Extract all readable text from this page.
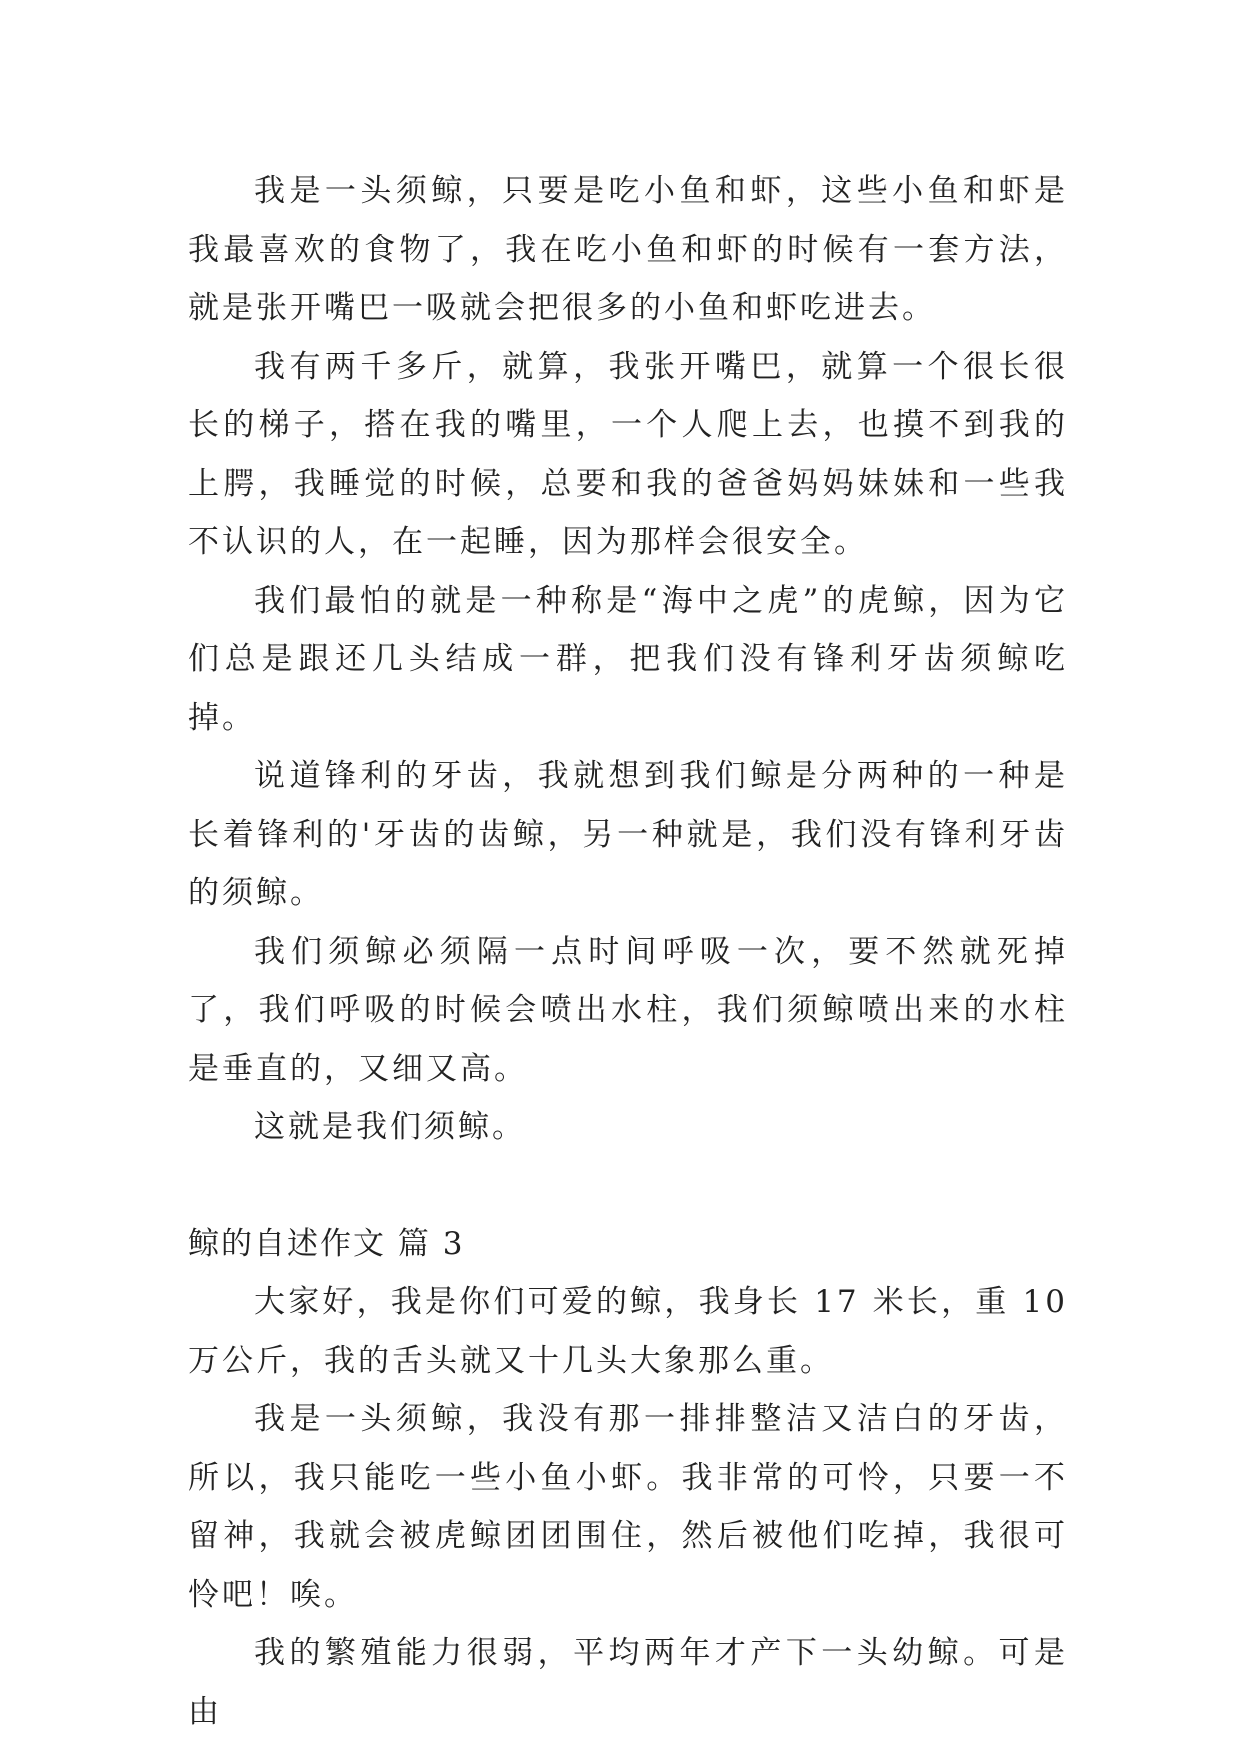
我是一头须鲸，只要是吃小鱼和虾，这些小鱼和虾是我最喜欢的食物了，我在吃小鱼和虾的时候有一套方法，就是张开嘴巴一吸就会把很多的小鱼和虾吃进去。

我有两千多斤，就算，我张开嘴巴，就算一个很长很长的梯子，搭在我的嘴里，一个人爬上去，也摸不到我的上腭，我睡觉的时候，总要和我的爸爸妈妈妹妹和一些我不认识的人，在一起睡，因为那样会很安全。

我们最怕的就是一种称是“海中之虎”的虎鲸，因为它们总是跟还几头结成一群，把我们没有锋利牙齿须鲸吃掉。

说道锋利的牙齿，我就想到我们鲸是分两种的一种是长着锋利的'牙齿的齿鲸，另一种就是，我们没有锋利牙齿的须鲸。

我们须鲸必须隔一点时间呼吸一次，要不然就死掉了，我们呼吸的时候会喷出水柱，我们须鲸喷出来的水柱是垂直的，又细又高。

这就是我们须鲸。

鲸的自述作文 篇 3

大家好，我是你们可爱的鲸，我身长 17 米长，重 10 万公斤，我的舌头就又十几头大象那么重。

我是一头须鲸，我没有那一排排整洁又洁白的牙齿，所以，我只能吃一些小鱼小虾。我非常的可怜，只要一不留神，我就会被虎鲸团团围住，然后被他们吃掉，我很可怜吧！唉。

我的繁殖能力很弱，平均两年才产下一头幼鲸。可是由
